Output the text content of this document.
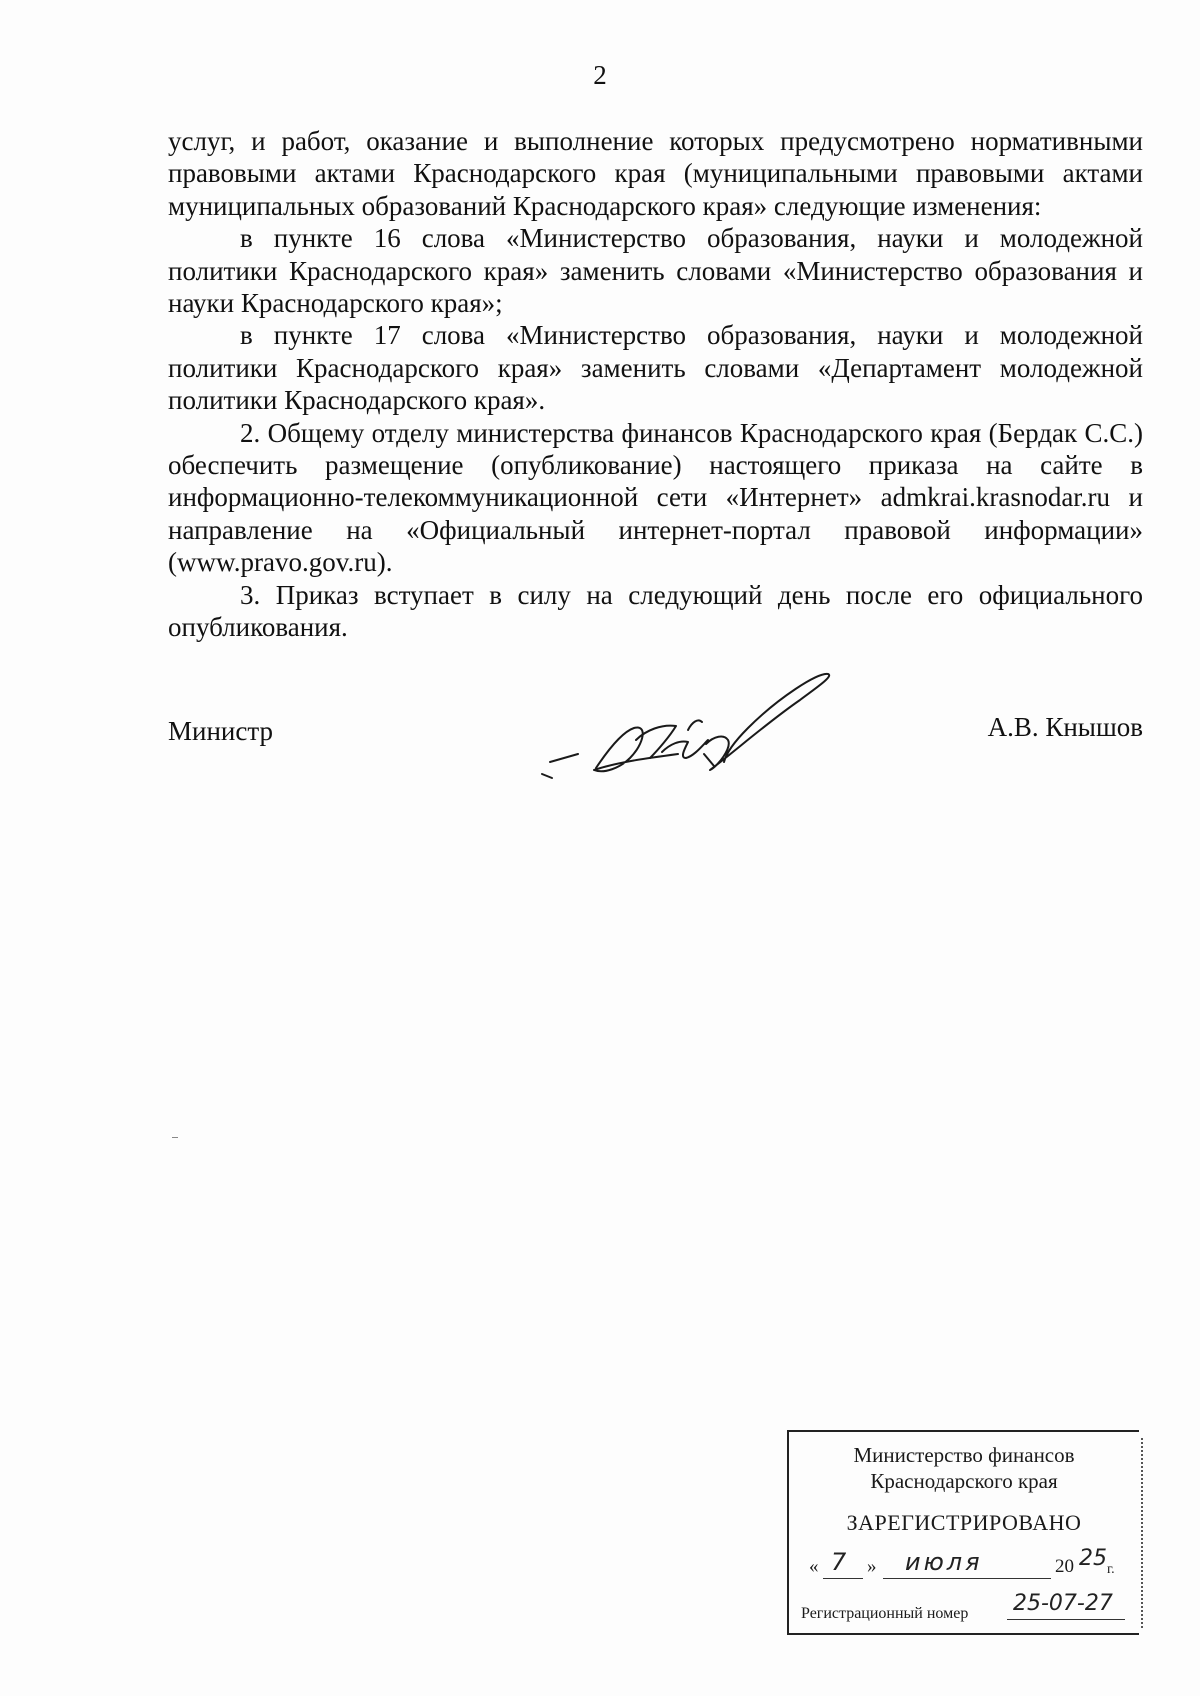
2

услуг, и работ, оказание и выполнение которых предусмотрено нормативными правовыми актами Краснодарского края (муниципальными правовыми актами муниципальных образований Краснодарского края» следующие изменения:

в пункте 16 слова «Министерство образования, науки и молодежной политики Краснодарского края» заменить словами «Министерство образования и науки Краснодарского края»;

в пункте 17 слова «Министерство образования, науки и молодежной политики Краснодарского края» заменить словами «Департамент молодежной политики Краснодарского края».

2. Общему отделу министерства финансов Краснодарского края (Бердак С.С.) обеспечить размещение (опубликование) настоящего приказа на сайте в информационно-телекоммуникационной сети «Интернет» admkrai.krasnodar.ru и направление на «Официальный интернет-портал правовой информации» (www.pravo.gov.ru).

3. Приказ вступает в силу на следующий день после его официального опубликования.

Министр	А.В. Кнышов
Министерство финансов
Краснодарского края
ЗАРЕГИСТРИРОВАНО
« 7 » июля	20 25 г.
Регистрационный номер 25-07-27
